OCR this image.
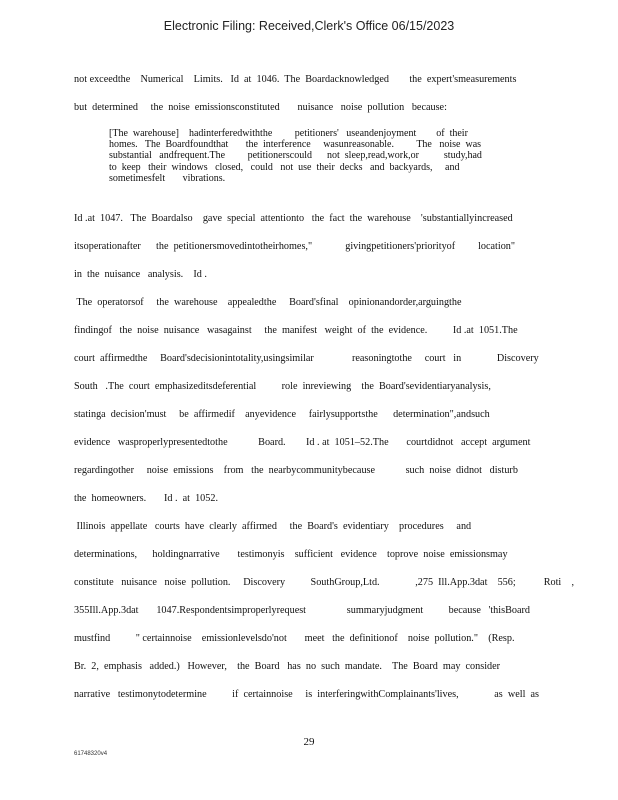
Electronic Filing: Received,Clerk's Office 06/15/2023
not exceedthe    Numerical    Limits.   Id  at  1046.  The  Boardacknowledged        the  expert'smeasurements
but  determined     the  noise  emissionsconstituted       nuisance   noise  pollution   because:
Id .at  1047.   The  Boardalso    gave  special  attentionto   the  fact  the  warehouse    'substantiallyincreased
itsoperationafter      the  petitionersmovedintotheirhomes,"             givingpetitioners'priorityof         location"
in  the  nuisance   analysis.    Id .
The  operatorsof     the  warehouse    appealedthe     Board'sfinal    opinionandorder,arguingthe
findingof   the  noise  nuisance   wasagainst     the  manifest   weight  of  the  evidence.          Id .at  1051.The
court  affirmedthe     Board'sdecisionintotality,usingsimilar               reasoningtothe     court   in              Discovery
South   .The  court  emphasizeditsdeferential          role  inreviewing    the  Board'sevidentiaryanalysis,
statinga  decision'must     be  affirmedif    anyevidence     fairlysupportsthe      determination",andsuch
evidence   wasproperlypresentedtothe            Board.        Id . at  1051–52.The       courtdidnot   accept  argument
regardingother     noise  emissions    from   the  nearbycommunitybecause            such  noise  didnot   disturb
the  homeowners.       Id .  at  1052.
Illinois  appellate   courts  have  clearly  affirmed     the  Board's  evidentiary    procedures     and
determinations,      holdingnarrative       testimonyis    sufficient   evidence    toprove  noise  emissionsmay
constitute   nuisance   noise  pollution.     Discovery          SouthGroup,Ltd.              ,275  Ill.App.3dat    556;           Roti    ,
355Ill.App.3dat       1047.Respondentsimproperlyrequest                summaryjudgment          because   'thisBoard
mustfind          " certainnoise    emissionlevelsdo'not       meet   the  definitionof    noise  pollution."    (Resp.
Br.  2,  emphasis   added.)   However,    the  Board   has  no  such  mandate.    The  Board  may  consider
narrative   testimonytodetermine          if  certainnoise     is  interferingwithComplainants'lives,              as  well  as
[The  warehouse]    hadinterferedwiththe         petitioners'   useandenjoyment        of  their
homes.   The  Boardfoundthat       the  interference     wasunreasonable.         The   noise  was
substantial   andfrequent.The         petitionerscould      not  sleep,read,work,or          study,had
to  keep   their  windows   closed,   could   not  use  their  decks   and  backyards,     and
sometimesfelt       vibrations.
29
61748320v4
